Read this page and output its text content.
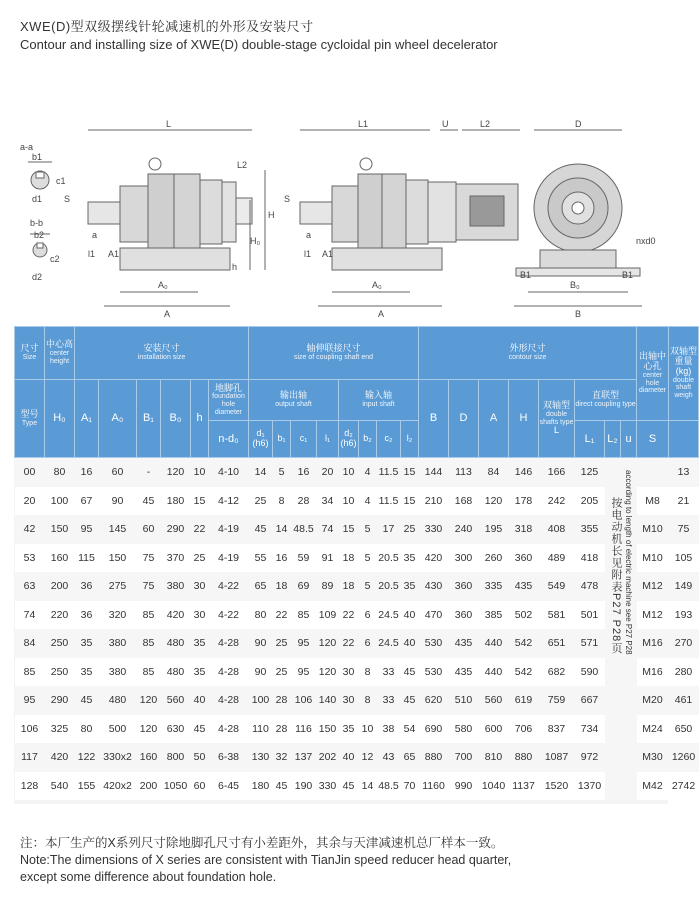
XWE(D)型双级摆线针轮减速机的外形及安装尺寸
Contour and installing size of XWE(D) double-stage cycloidal pin wheel decelerator
a-a
b1
c1
d1
b-b
b2
c2
d2
L
S
a
l1 A1
A₀
A
L2
H
H₀
h
L1	U	L2
S
a
l1 A1
A₀
A
D
nxd0
B1	B1
B₀
B
尺寸
Size	中心高
center height	安装尺寸
installation size						轴伸联接尺寸
size of coupling shaft end								外形尺寸
contour size								出轴中心孔
center hole diameter	双轴型重量(kg)
double shaft weigh

型号
Type	H₀	A₁	A₀	B₁	B₀	h	地脚孔
foundation hole diameter	输出轴
output shaft				输入轴
input shaft				B	D	A	H	双轴型
double shafts type
L	直联型
direct coupling type				

							n-d₀	d₁
(h6)	b₁	c₁	l₁	d₂
(h6)	b₂	c₂	l₂						L₁	L₂	u	S	
00	80	16	60	-	120	10	4-10	14	5	16	20	10	4	11.5	15	144	113	84	146	166	125	按电动机长见附表P27 P28页 according to length of electric machine see P27 P28			13
20	100	67	90	45	180	15	4-12	25	8	28	34	10	4	11.5	15	210	168	120	178	242	205			M8	21
42	150	95	145	60	290	22	4-19	45	14	48.5	74	15	5	17	25	330	240	195	318	408	355			M10	75
53	160	115	150	75	370	25	4-19	55	16	59	91	18	5	20.5	35	420	300	260	360	489	418			M10	105
63	200	36	275	75	380	30	4-22	65	18	69	89	18	5	20.5	35	430	360	335	435	549	478			M12	149
74	220	36	320	85	420	30	4-22	80	22	85	109	22	6	24.5	40	470	360	385	502	581	501			M12	193
84	250	35	380	85	480	35	4-28	90	25	95	120	22	6	24.5	40	530	435	440	542	651	571			M16	270
85	250	35	380	85	480	35	4-28	90	25	95	120	30	8	33	45	530	435	440	542	682	590			M16	280
95	290	45	480	120	560	40	4-28	100	28	106	140	30	8	33	45	620	510	560	619	759	667			M20	461
106	325	80	500	120	630	45	4-28	110	28	116	150	35	10	38	54	690	580	600	706	837	734			M24	650
117	420	122	330x2	160	800	50	6-38	130	32	137	202	40	12	43	65	880	700	810	880	1087	972			M30	1260
128	540	155	420x2	200	1050	60	6-45	180	45	190	330	45	14	48.5	70	1160	990	1040	1137	1520	1370			M42	2742
注：本厂生产的X系列尺寸除地脚孔尺寸有小差距外，其余与天津减速机总厂样本一致。
Note:The dimensions of X series are consistent with TianJin speed reducer head quarter,
except some difference about foundation hole.
